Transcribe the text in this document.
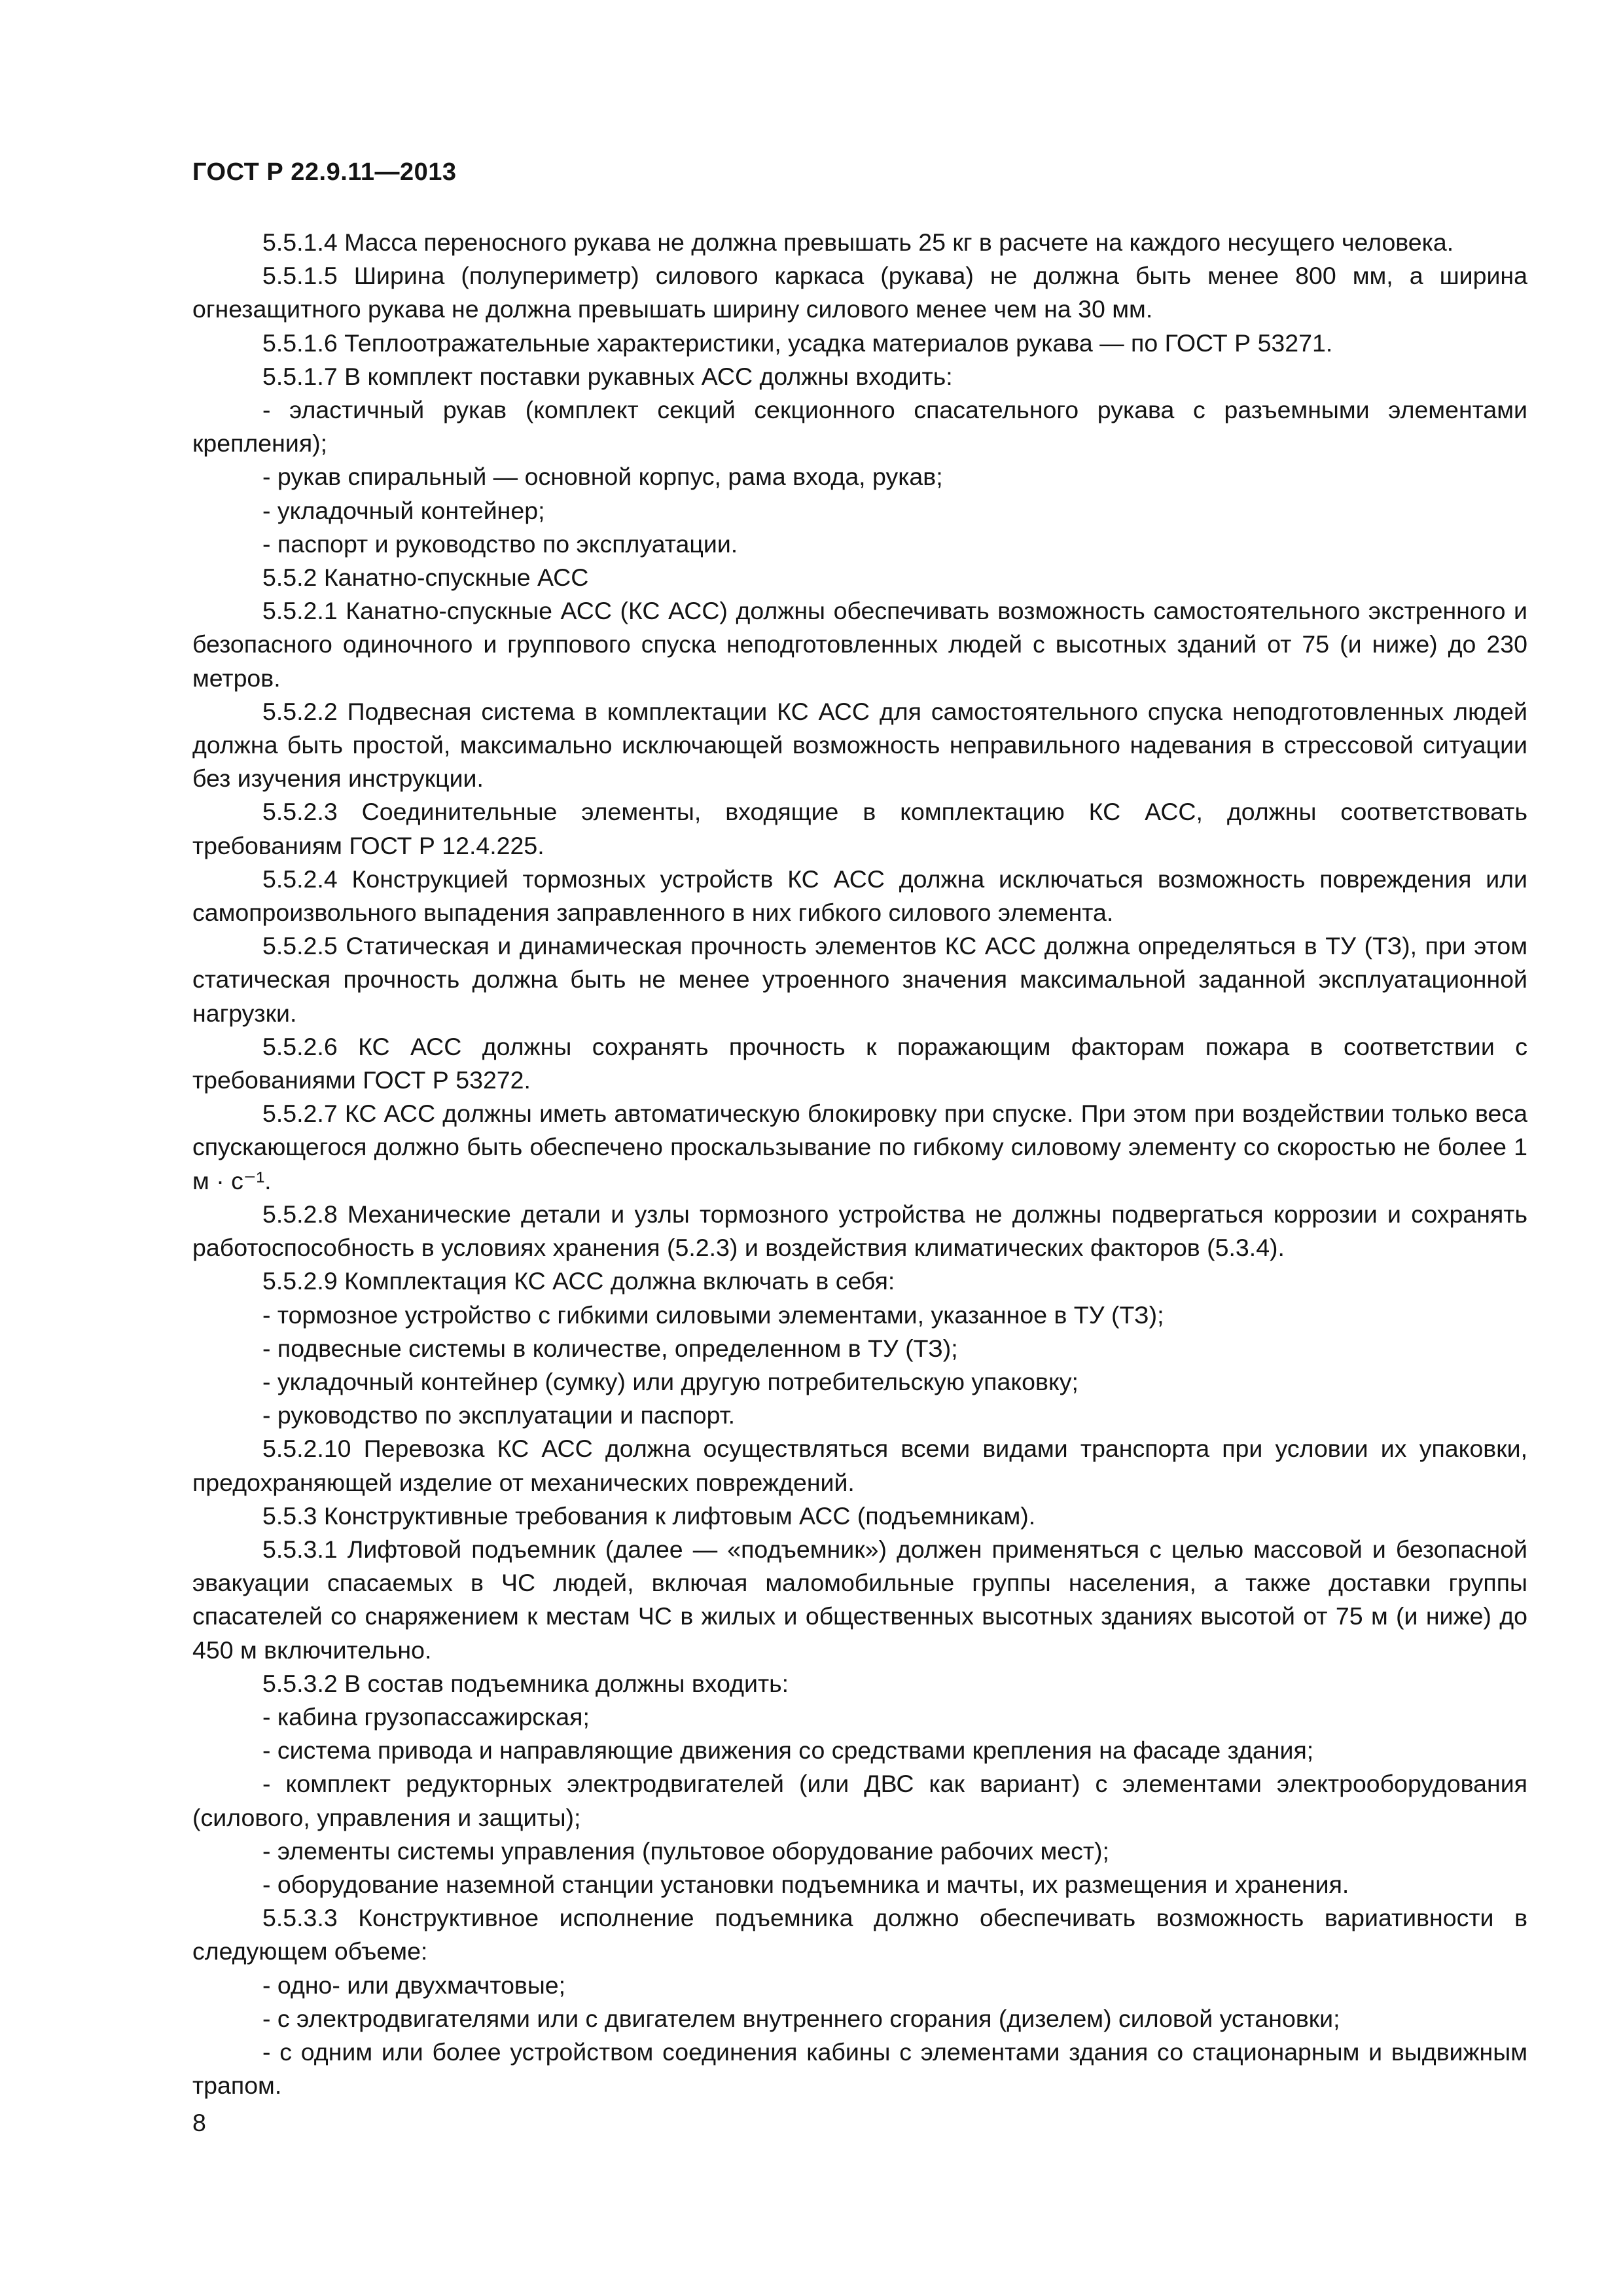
ГОСТ Р 22.9.11—2013

5.5.1.4 Масса переносного рукава не должна превышать 25 кг в расчете на каждого несущего человека.

5.5.1.5 Ширина (полупериметр) силового каркаса (рукава) не должна быть менее 800 мм, а ширина огнезащитного рукава не должна превышать ширину силового менее чем на 30 мм.

5.5.1.6 Теплоотражательные характеристики, усадка материалов рукава — по ГОСТ Р 53271.

5.5.1.7 В комплект поставки рукавных АСС должны входить:

- эластичный рукав (комплект секций секционного спасательного рукава с разъемными элементами крепления);

- рукав спиральный — основной корпус, рама входа, рукав;

- укладочный контейнер;

- паспорт и руководство по эксплуатации.

5.5.2 Канатно-спускные АСС

5.5.2.1 Канатно-спускные АСС (КС АСС) должны обеспечивать возможность самостоятельного экстренного и безопасного одиночного и группового спуска неподготовленных людей с высотных зданий от 75 (и ниже) до 230 метров.

5.5.2.2 Подвесная система в комплектации КС АСС для самостоятельного спуска неподготовленных людей должна быть простой, максимально исключающей возможность неправильного надевания в стрессовой ситуации без изучения инструкции.

5.5.2.3 Соединительные элементы, входящие в комплектацию КС АСС, должны соответствовать требованиям ГОСТ Р 12.4.225.

5.5.2.4 Конструкцией тормозных устройств КС АСС должна исключаться возможность повреждения или самопроизвольного выпадения заправленного в них гибкого силового элемента.

5.5.2.5 Статическая и динамическая прочность элементов КС АСС должна определяться в ТУ (ТЗ), при этом статическая прочность должна быть не менее утроенного значения максимальной заданной эксплуатационной нагрузки.

5.5.2.6 КС АСС должны сохранять прочность к поражающим факторам пожара в соответствии с требованиями ГОСТ Р 53272.

5.5.2.7 КС АСС должны иметь автоматическую блокировку при спуске. При этом при воздействии только веса спускающегося должно быть обеспечено проскальзывание по гибкому силовому элементу со скоростью не более 1 м · с⁻¹.

5.5.2.8 Механические детали и узлы тормозного устройства не должны подвергаться коррозии и сохранять работоспособность в условиях хранения (5.2.3) и воздействия климатических факторов (5.3.4).

5.5.2.9 Комплектация КС АСС должна включать в себя:

- тормозное устройство с гибкими силовыми элементами, указанное в ТУ (ТЗ);

- подвесные системы в количестве, определенном в ТУ (ТЗ);

- укладочный контейнер (сумку) или другую потребительскую упаковку;

- руководство по эксплуатации и паспорт.

5.5.2.10 Перевозка КС АСС должна осуществляться всеми видами транспорта при условии их упаковки, предохраняющей изделие от механических повреждений.

5.5.3 Конструктивные требования к лифтовым АСС (подъемникам).

5.5.3.1 Лифтовой подъемник (далее — «подъемник») должен применяться с целью массовой и безопасной эвакуации спасаемых в ЧС людей, включая маломобильные группы населения, а также доставки группы спасателей со снаряжением к местам ЧС в жилых и общественных высотных зданиях высотой от 75 м (и ниже) до 450 м включительно.

5.5.3.2 В состав подъемника должны входить:

- кабина грузопассажирская;

- система привода и направляющие движения со средствами крепления на фасаде здания;

- комплект редукторных электродвигателей (или ДВС как вариант) с элементами электрооборудования (силового, управления и защиты);

- элементы системы управления (пультовое оборудование рабочих мест);

- оборудование наземной станции установки подъемника и мачты, их размещения и хранения.

5.5.3.3 Конструктивное исполнение подъемника должно обеспечивать возможность вариативности в следующем объеме:

- одно- или двухмачтовые;

- с электродвигателями или с двигателем внутреннего сгорания (дизелем) силовой установки;

- с одним или более устройством соединения кабины с элементами здания со стационарным и выдвижным трапом.

8
